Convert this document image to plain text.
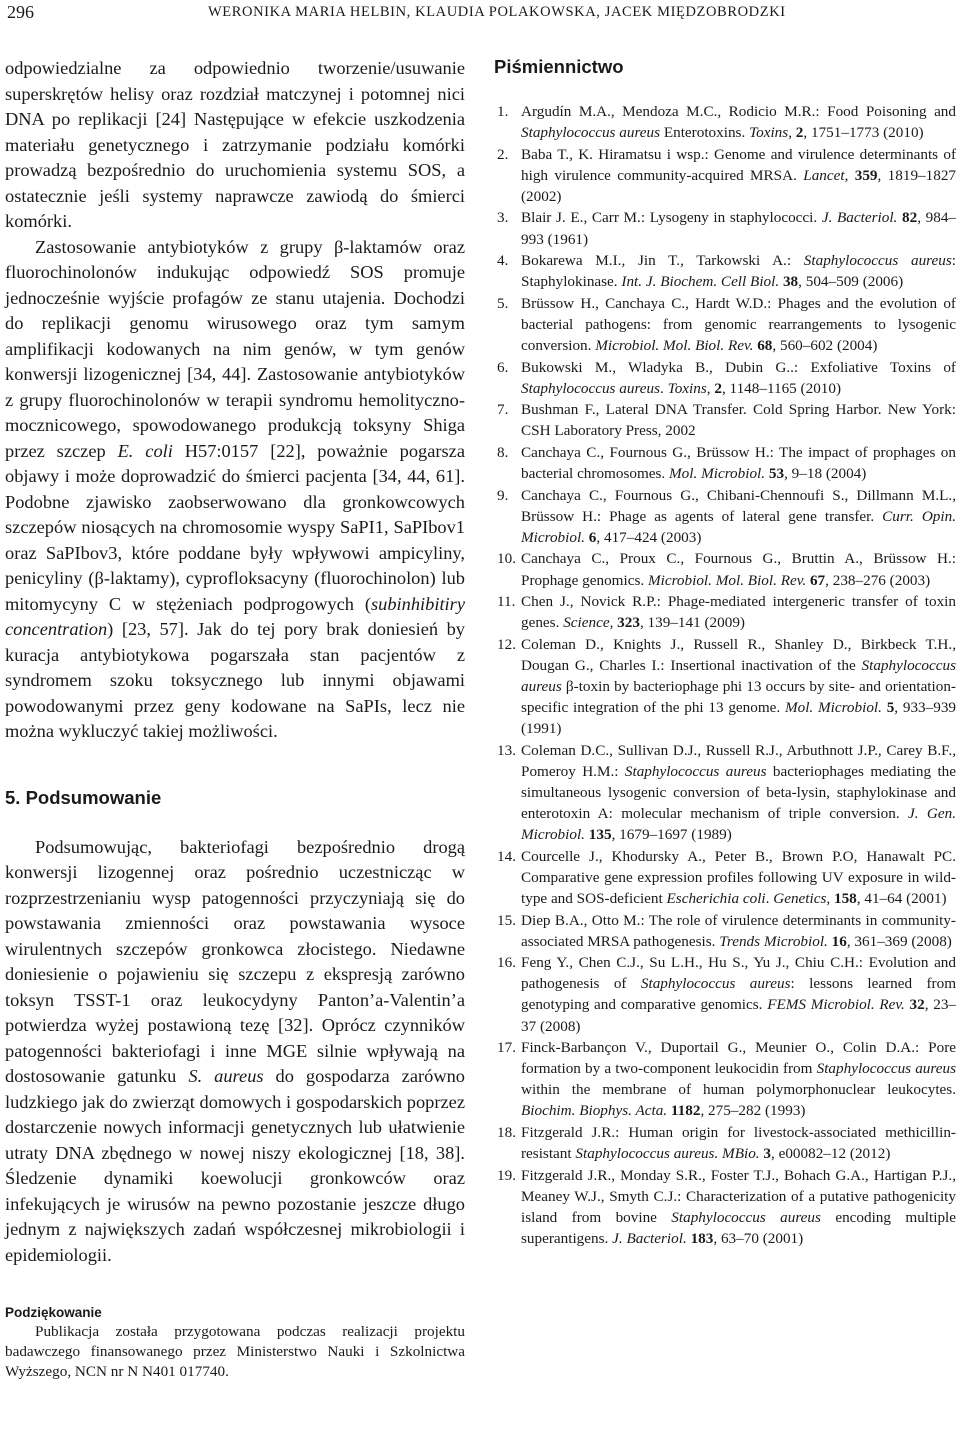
296	WERONIKA MARIA HELBIN, KLAUDIA POLAKOWSKA, JACEK MIĘDZOBRODZKI

odpowiedzialne za odpowiednio tworzenie/usuwanie superskrętów helisy oraz rozdział matczynej i potomnej nici DNA po replikacji [24] Następujące w efekcie uszkodzenia materiału genetycznego i zatrzymanie podziału komórki prowadzą bezpośrednio do uruchomienia systemu SOS, a ostatecznie jeśli systemy naprawcze zawiodą do śmierci komórki.

Zastosowanie antybiotyków z grupy β-laktamów oraz fluorochinolonów indukując odpowiedź SOS promuje jednocześnie wyjście profagów ze stanu utajenia. Dochodzi do replikacji genomu wirusowego oraz tym samym amplifikacji kodowanych na nim genów, w tym genów konwersji lizogenicznej [34, 44]. Zastosowanie antybiotyków z grupy fluorochinolonów w terapii syndromu hemolityczno-mocznicowego, spowodowanego produkcją toksyny Shiga przez szczep E. coli H57:0157 [22], poważnie pogarsza objawy i może doprowadzić do śmierci pacjenta [34, 44, 61]. Podobne zjawisko zaobserwowano dla gronkowcowych szczepów niosących na chromosomie wyspy SaPI1, SaPIbov1 oraz SaPIbov3, które poddane były wpływowi ampicyliny, penicyliny (β-laktamy), cyprofloksacyny (fluorochinolon) lub mitomycyny C w stężeniach podprogowych (subinhibitiry concentration) [23, 57]. Jak do tej pory brak doniesień by kuracja antybiotykowa pogarszała stan pacjentów z syndromem szoku toksycznego lub innymi objawami powodowanymi przez geny kodowane na SaPIs, lecz nie można wykluczyć takiej możliwości.

5. Podsumowanie

Podsumowując, bakteriofagi bezpośrednio drogą konwersji lizogennej oraz pośrednio uczestnicząc w rozprzestrzenianiu wysp patogenności przyczyniają się do powstawania zmienności oraz powstawania wysoce wirulentnych szczepów gronkowca złocistego. Niedawne doniesienie o pojawieniu się szczepu z ekspresją zarówno toksyn TSST-1 oraz leukocydyny Panton’a-Valentin’a potwierdza wyżej postawioną tezę [32]. Oprócz czynników patogenności bakteriofagi i inne MGE silnie wpływają na dostosowanie gatunku S. aureus do gospodarza zarówno ludzkiego jak do zwierząt domowych i gospodarskich poprzez dostarczenie nowych informacji genetycznych lub ułatwienie utraty DNA zbędnego w nowej niszy ekologicznej [18, 38]. Śledzenie dynamiki koewolucji gronkowców oraz infekujących je wirusów na pewno pozostanie jeszcze długo jednym z największych zadań współczesnej mikrobiologii i epidemiologii.

Podziękowanie

Publikacja została przygotowana podczas realizacji projektu badawczego finansowanego przez Ministerstwo Nauki i Szkolnictwa Wyższego, NCN nr N N401 017740.

Piśmiennictwo
1. Argudín M.A., Mendoza M.C., Rodicio M.R.: Food Poisoning and Staphylococcus aureus Enterotoxins. Toxins, 2, 1751–1773 (2010)
2. Baba T., K. Hiramatsu i wsp.: Genome and virulence determinants of high virulence community-acquired MRSA. Lancet, 359, 1819–1827 (2002)
3. Blair J. E., Carr M.: Lysogeny in staphylococci. J. Bacteriol. 82, 984–993 (1961)
4. Bokarewa M.I., Jin T., Tarkowski A.: Staphylococcus aureus: Staphylokinase. Int. J. Biochem. Cell Biol. 38, 504–509 (2006)
5. Brüssow H., Canchaya C., Hardt W.D.: Phages and the evolution of bacterial pathogens: from genomic rearrangements to lysogenic conversion. Microbiol. Mol. Biol. Rev. 68, 560–602 (2004)
6. Bukowski M., Wladyka B., Dubin G..: Exfoliative Toxins of Staphylococcus aureus. Toxins, 2, 1148–1165 (2010)
7. Bushman F., Lateral DNA Transfer. Cold Spring Harbor. New York: CSH Laboratory Press, 2002
8. Canchaya C., Fournous G., Brüssow H.: The impact of prophages on bacterial chromosomes. Mol. Microbiol. 53, 9–18 (2004)
9. Canchaya C., Fournous G., Chibani-Chennoufi S., Dillmann M.L., Brüssow H.: Phage as agents of lateral gene transfer. Curr. Opin. Microbiol. 6, 417–424 (2003)
10. Canchaya C., Proux C., Fournous G., Bruttin A., Brüssow H.: Prophage genomics. Microbiol. Mol. Biol. Rev. 67, 238–276 (2003)
11. Chen J., Novick R.P.: Phage-mediated intergeneric transfer of toxin genes. Science, 323, 139–141 (2009)
12. Coleman D., Knights J., Russell R., Shanley D., Birkbeck T.H., Dougan G., Charles I.: Insertional inactivation of the Staphylococcus aureus β-toxin by bacteriophage phi 13 occurs by site- and orientation-specific integration of the phi 13 genome. Mol. Microbiol. 5, 933–939 (1991)
13. Coleman D.C., Sullivan D.J., Russell R.J., Arbuthnott J.P., Carey B.F., Pomeroy H.M.: Staphylococcus aureus bacteriophages mediating the simultaneous lysogenic conversion of beta-lysin, staphylokinase and enterotoxin A: molecular mechanism of triple conversion. J. Gen. Microbiol. 135, 1679–1697 (1989)
14. Courcelle J., Khodursky A., Peter B., Brown P.O, Hanawalt PC. Comparative gene expression profiles following UV exposure in wild-type and SOS-deficient Escherichia coli. Genetics, 158, 41–64 (2001)
15. Diep B.A., Otto M.: The role of virulence determinants in community-associated MRSA pathogenesis. Trends Microbiol. 16, 361–369 (2008)
16. Feng Y., Chen C.J., Su L.H., Hu S., Yu J., Chiu C.H.: Evolution and pathogenesis of Staphylococcus aureus: lessons learned from genotyping and comparative genomics. FEMS Microbiol. Rev. 32, 23–37 (2008)
17. Finck-Barbançon V., Duportail G., Meunier O., Colin D.A.: Pore formation by a two-component leukocidin from Staphylococcus aureus within the membrane of human polymorphonuclear leukocytes. Biochim. Biophys. Acta. 1182, 275–282 (1993)
18. Fitzgerald J.R.: Human origin for livestock-associated methicillin-resistant Staphylococcus aureus. MBio. 3, e00082–12 (2012)
19. Fitzgerald J.R., Monday S.R., Foster T.J., Bohach G.A., Hartigan P.J., Meaney W.J., Smyth C.J.: Characterization of a putative pathogenicity island from bovine Staphylococcus aureus encoding multiple superantigens. J. Bacteriol. 183, 63–70 (2001)
